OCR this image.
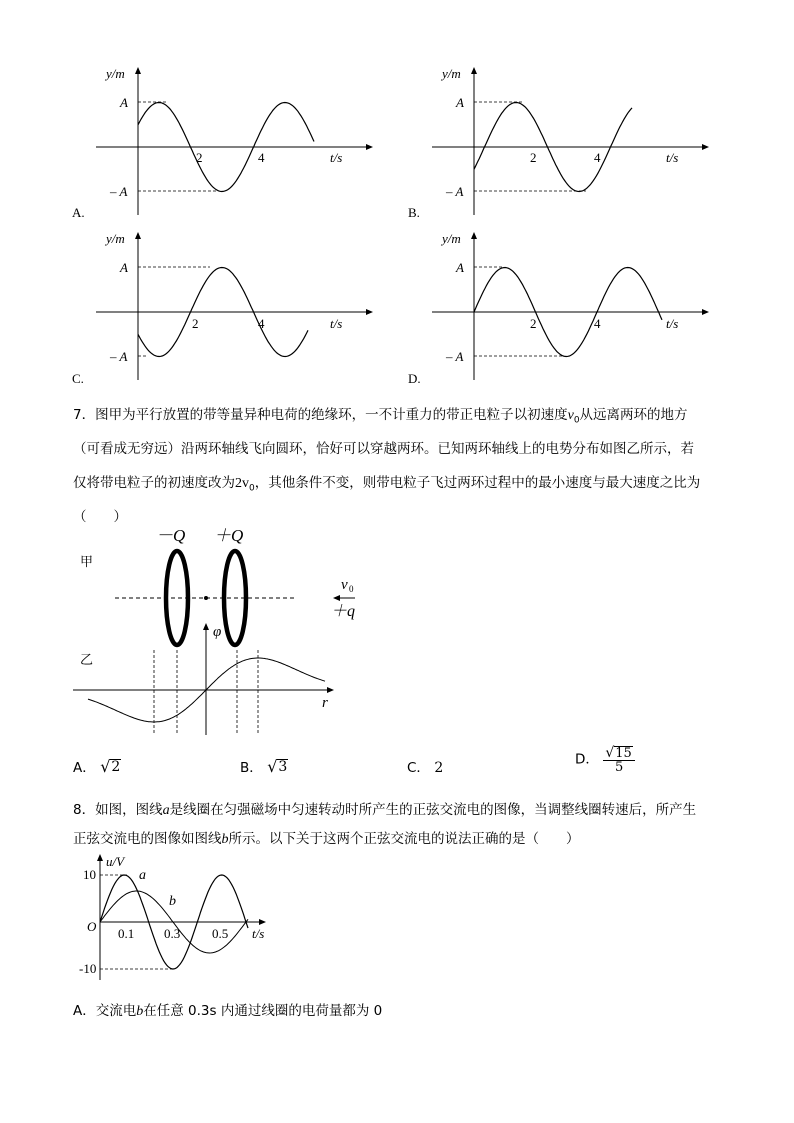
y/m
t/s
A
– A
2	4
A.
y/m
t/s
A
– A
2	4
B.
y/m
t/s
A
– A
2	4
C.
y/m
t/s
A
– A
2	4
D.
7．图甲为平行放置的带等量异种电荷的绝缘环，一不计重力的带正电粒子以初速度$v_0$从远离两环的地方
（可看成无穷远）沿两环轴线飞向圆环，恰好可以穿越两环。已知两环轴线上的电势分布如图乙所示，若
仅将带电粒子的初速度改为$2v_0$，其他条件不变，则带电粒子飞过两环过程中的最小速度与最大速度之比为
（　　）
甲
－Q ＋Q
v 0
＋q
乙
φ
r
A． √ 2	B． √ 3	C． 2
D． $\frac{√ 15}{5}$
8．如图，图线a是线圈在匀强磁场中匀速转动时所产生的正弦交流电的图像，当调整线圈转速后，所产生
正弦交流电的图像如图线b所示。以下关于这两个正弦交流电的说法正确的是（　　）
u/V
t/s
O
10
-10
0.1 0.3 0.5
a
b
A．交流电b在任意 0.3s 内通过线圈的电荷量都为 0
